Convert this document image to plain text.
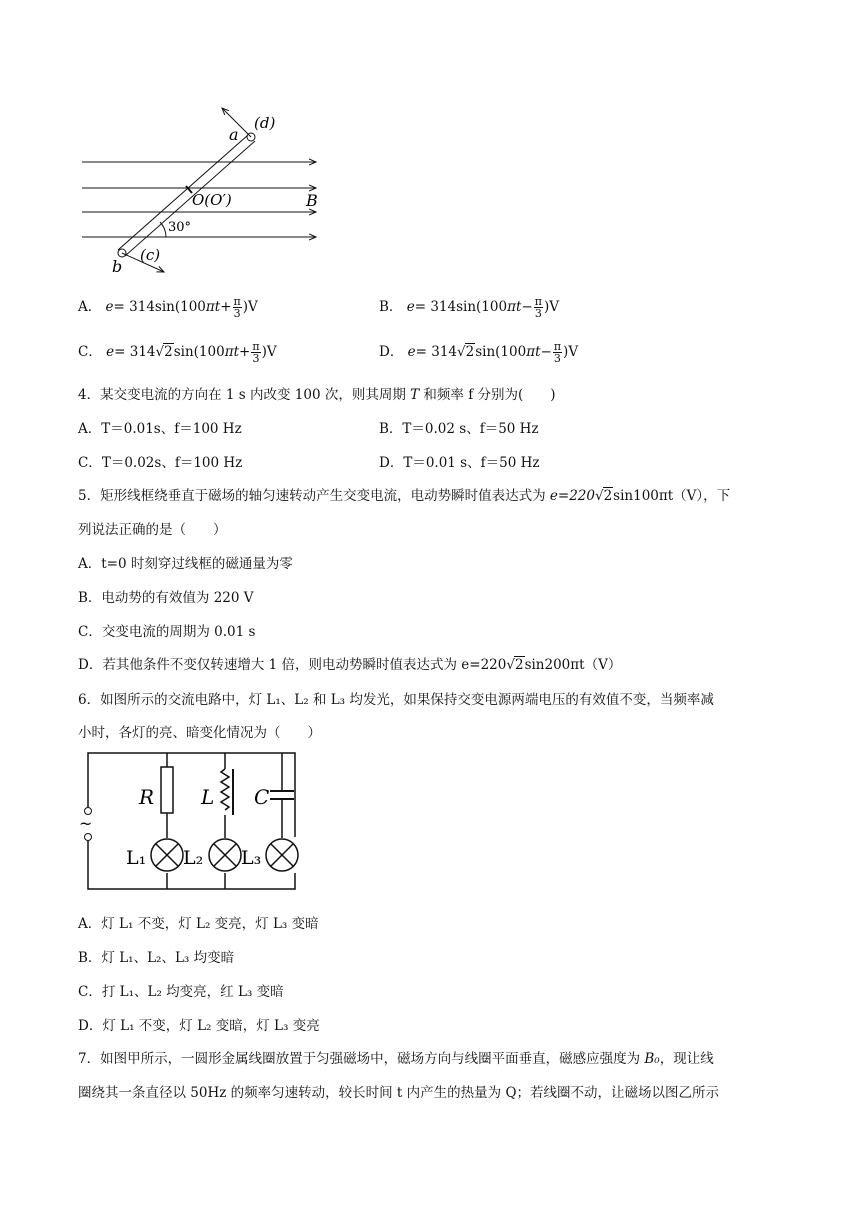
a
(d)
O(O′)	B
30°
b
(c)
A． $e= 314\sin(100\pi t+ \frac{\pi}{3} )V$	B． $e= 314\sin(100\pi t- \frac{\pi}{3} )V$
C． $e= 314√2\sin(100\pi t+ \frac{\pi}{3} )V$	D． $e= 314√2\sin(100\pi t- \frac{\pi}{3} )V$
4．某交变电流的方向在 1 s 内改变 100 次，则其周期 T 和频率 f 分别为(　　)
A．T＝0.01s、f＝100 Hz	B．T＝0.02 s、f＝50 Hz
C．T＝0.02s、f＝100 Hz	D．T＝0.01 s、f＝50 Hz
5．矩形线框绕垂直于磁场的轴匀速转动产生交变电流，电动势瞬时值表达式为 e=220√2sin100πt（V），下
列说法正确的是（　　）
A．t=0 时刻穿过线框的磁通量为零
B．电动势的有效值为 220 V
C．交变电流的周期为 0.01 s
D．若其他条件不变仅转速增大 1 倍，则电动势瞬时值表达式为 e=220√2sin200πt（V）
6．如图所示的交流电路中，灯 L₁、L₂ 和 L₃ 均发光，如果保持交变电源两端电压的有效值不变，当频率减
小时，各灯的亮、暗变化情况为（　　）
~
R L C
L₁ L₂ L₃
A．灯 L₁ 不变，灯 L₂ 变亮，灯 L₃ 变暗
B．灯 L₁、L₂、L₃ 均变暗
C．打 L₁、L₂ 均变亮，红 L₃ 变暗
D．灯 L₁ 不变，灯 L₂ 变暗，灯 L₃ 变亮
7．如图甲所示，一圆形金属线圈放置于匀强磁场中，磁场方向与线圈平面垂直，磁感应强度为 B₀，现让线
圈绕其一条直径以 50Hz 的频率匀速转动，较长时间 t 内产生的热量为 Q；若线圈不动，让磁场以图乙所示
